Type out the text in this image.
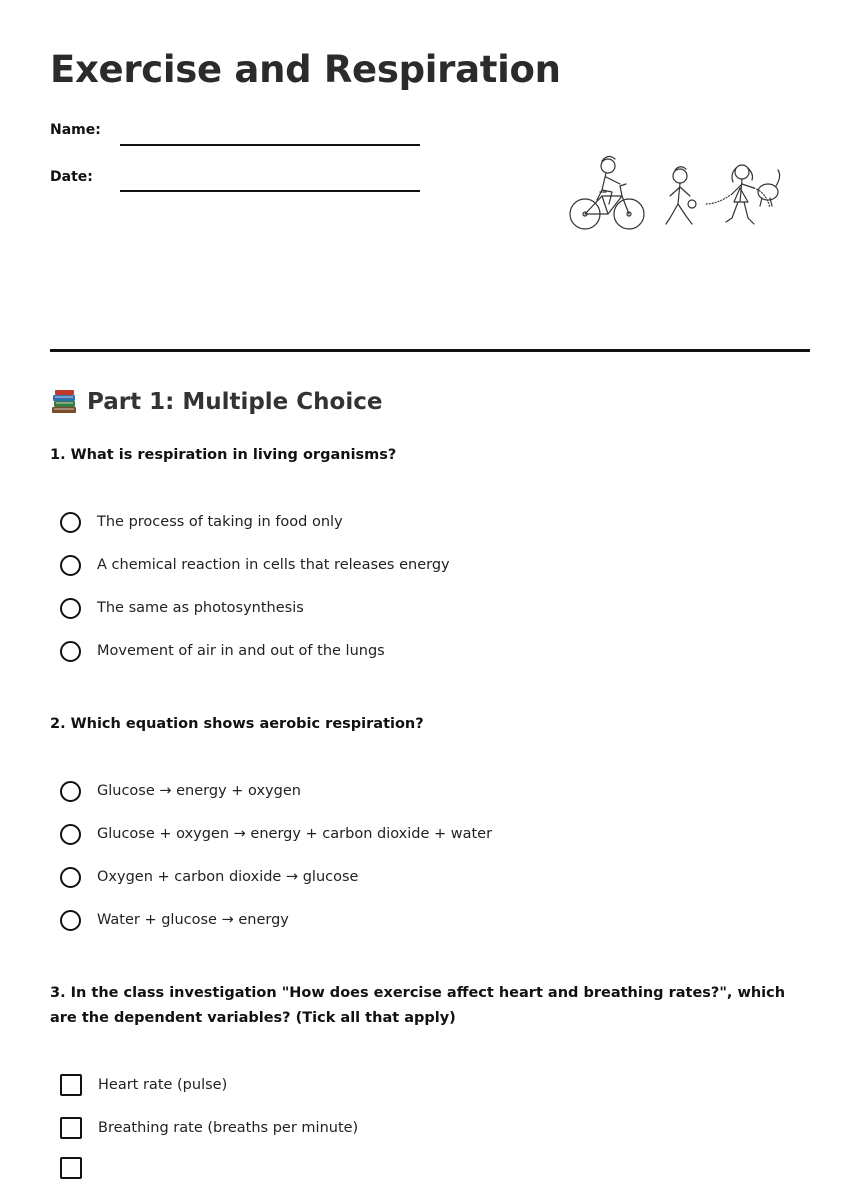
Exercise and Respiration
Name:
Date:
Part 1: Multiple Choice

1. What is respiration in living organisms?

The process of taking in food only
A chemical reaction in cells that releases energy
The same as photosynthesis
Movement of air in and out of the lungs

2. Which equation shows aerobic respiration?

Glucose → energy + oxygen
Glucose + oxygen → energy + carbon dioxide + water
Oxygen + carbon dioxide → glucose
Water + glucose → energy

3. In the class investigation "How does exercise affect heart and breathing rates?", which are the dependent variables? (Tick all that apply)

Heart rate (pulse)
Breathing rate (breaths per minute)
